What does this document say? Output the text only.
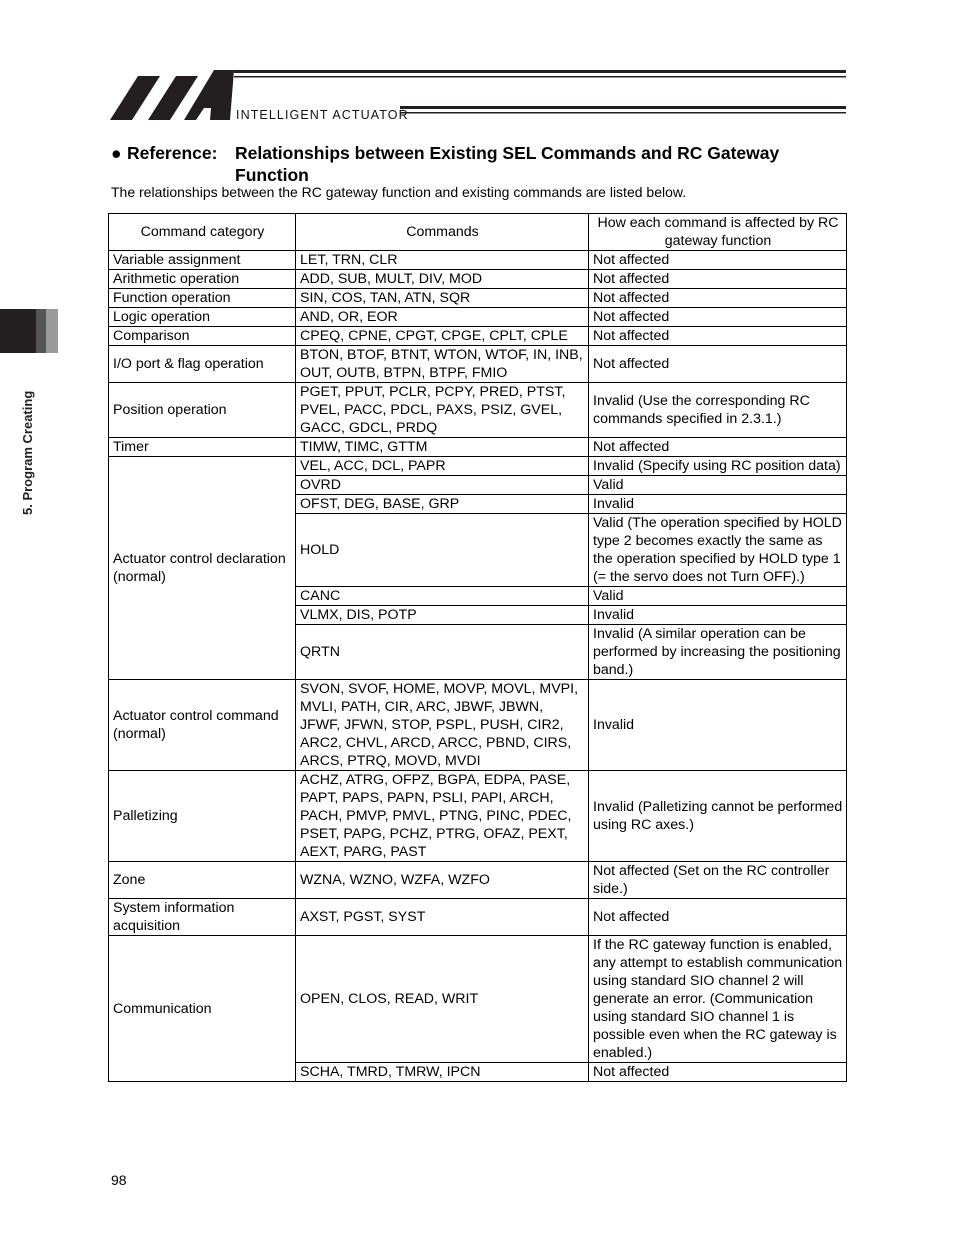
INTELLIGENT ACTUATOR
5. Program Creating
● Reference: Relationships between Existing SEL Commands and RC Gateway
Function
The relationships between the RC gateway function and existing commands are listed below.
Command category	Commands	How each command is affected by RC gateway function
Variable assignment	LET, TRN, CLR	Not affected
Arithmetic operation	ADD, SUB, MULT, DIV, MOD	Not affected
Function operation	SIN, COS, TAN, ATN, SQR	Not affected
Logic operation	AND, OR, EOR	Not affected
Comparison	CPEQ, CPNE, CPGT, CPGE, CPLT, CPLE	Not affected
I/O port & flag operation	BTON, BTOF, BTNT, WTON, WTOF, IN, INB, OUT, OUTB, BTPN, BTPF, FMIO	Not affected
Position operation	PGET, PPUT, PCLR, PCPY, PRED, PTST, PVEL, PACC, PDCL, PAXS, PSIZ, GVEL, GACC, GDCL, PRDQ	Invalid (Use the corresponding RC commands specified in 2.3.1.)
Timer	TIMW, TIMC, GTTM	Not affected
Actuator control declaration (normal)	VEL, ACC, DCL, PAPR	Invalid (Specify using RC position data)
	OVRD	Valid
	OFST, DEG, BASE, GRP	Invalid
	HOLD	Valid (The operation specified by HOLD type 2 becomes exactly the same as the operation specified by HOLD type 1 (= the servo does not Turn OFF).)
	CANC	Valid
	VLMX, DIS, POTP	Invalid
	QRTN	Invalid (A similar operation can be performed by increasing the positioning band.)
Actuator control command (normal)	SVON, SVOF, HOME, MOVP, MOVL, MVPI, MVLI, PATH, CIR, ARC, JBWF, JBWN, JFWF, JFWN, STOP, PSPL, PUSH, CIR2, ARC2, CHVL, ARCD, ARCC, PBND, CIRS, ARCS, PTRQ, MOVD, MVDI	Invalid
Palletizing	ACHZ, ATRG, OFPZ, BGPA, EDPA, PASE, PAPT, PAPS, PAPN, PSLI, PAPI, ARCH, PACH, PMVP, PMVL, PTNG, PINC, PDEC, PSET, PAPG, PCHZ, PTRG, OFAZ, PEXT, AEXT, PARG, PAST	Invalid (Palletizing cannot be performed using RC axes.)
Zone	WZNA, WZNO, WZFA, WZFO	Not affected (Set on the RC controller side.)
System information acquisition	AXST, PGST, SYST	Not affected
Communication	OPEN, CLOS, READ, WRIT	If the RC gateway function is enabled, any attempt to establish communication using standard SIO channel 2 will generate an error. (Communication using standard SIO channel 1 is possible even when the RC gateway is enabled.)
	SCHA, TMRD, TMRW, IPCN	Not affected
98
